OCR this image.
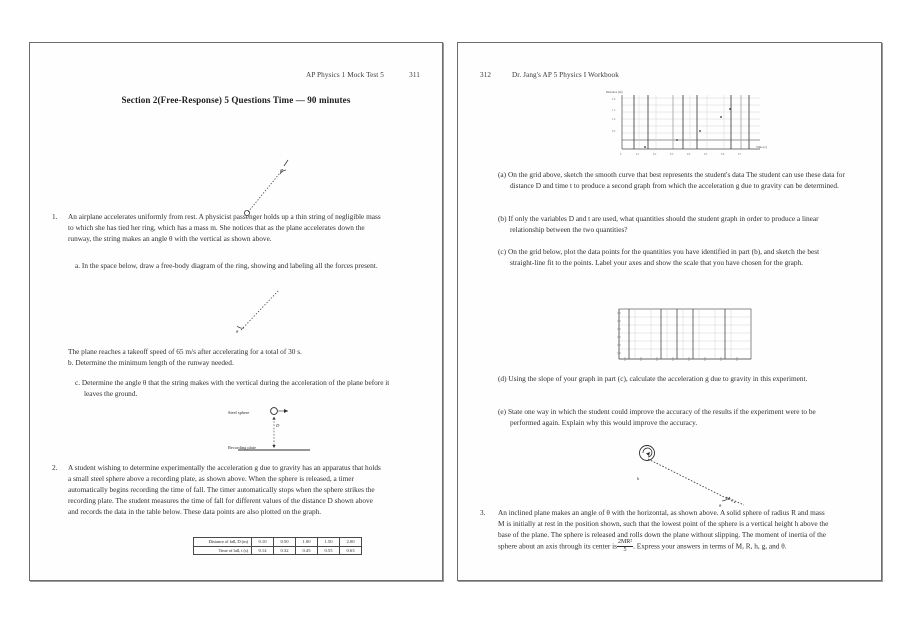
AP Physics 1 Mock Test 5	311
Section 2(Free-Response) 5 Questions Time — 90 minutes
θ
1. An airplane accelerates uniformly from rest. A physicist passenger holds up a thin string of negligible mass to which she has tied her ring, which has a mass m. She notices that as the plane accelerates down the runway, the string makes an angle θ with the vertical as shown above.
a. In the space below, draw a free-body diagram of the ring, showing and labeling all the forces present.
θ
The plane reaches a takeoff speed of 65 m/s after accelerating for a total of 30 s.
b. Determine the minimum length of the runway needed.
c. Determine the angle θ that the string makes with the vertical during the acceleration of the plane before it leaves the ground.
Steel sphere
D
Recording plate
2. A student wishing to determine experimentally the acceleration g due to gravity has an apparatus that holds a small steel sphere above a recording plate, as shown above. When the sphere is released, a timer automatically begins recording the time of fall. The timer automatically stops when the sphere strikes the recording plate. The student measures the time of fall for different values of the distance D shown above and records the data in the table below. These data points are also plotted on the graph.
Distance of fall, D (m)	0.10	0.50	1.00	1.50	2.00
Time of fall, t (s)	0.14	0.32	0.45	0.55	0.63
312	Dr. Jang's AP 5 Physics I Workbook
Distance (m)
Time (s)
2.0
1.5
1.0
0.5
0	0.1	0.2	0.3	0.4	0.5	0.6	0.7
(a) On the grid above, sketch the smooth curve that best represents the student's data The student can use these data for distance D and time t to produce a second graph from which the acceleration g due to gravity can be determined.
(b) If only the variables D and t are used, what quantities should the student graph in order to produce a linear relationship between the two quantities?
(c) On the grid below, plot the data points for the quantities you have identified in part (b), and sketch the best straight-line fit to the points. Label your axes and show the scale that you have chosen for the graph.
(d) Using the slope of your graph in part (c), calculate the acceleration g due to gravity in this experiment.
(e) State one way in which the student could improve the accuracy of the results if the experiment were to be performed again. Explain why this would improve the accuracy.
h
θ
3. An inclined plane makes an angle of θ with the horizontal, as shown above. A solid sphere of radius R and mass M is initially at rest in the position shown, such that the lowest point of the sphere is a vertical height h above the base of the plane. The sphere is released and rolls down the plane without slipping. The moment of inertia of the sphere about an axis through its center is $\frac{\text{2MR²}}{5}$ . Express your answers in terms of M, R, h, g, and θ.
